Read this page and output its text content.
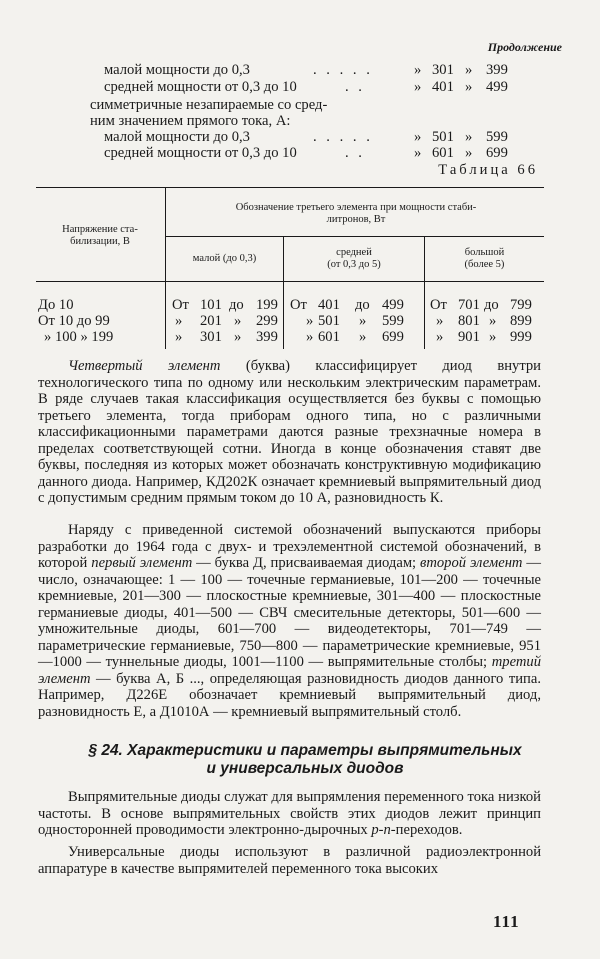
Продолжение
малой мощности до 0,3	. . . . .	» 301 » 399
средней мощности от 0,3 до 10	. .	» 401 » 499
симметричные незапираемые со сред-
ним значением прямого тока, А:
малой мощности до 0,3	. . . . .	» 501 » 599
средней мощности от 0,3 до 10	. .	» 601 » 699
Таблица 66
Напряжение ста-
билизации, В
Обозначение третьего элемента при мощности стаби-
литронов, Вт
малой (до 0,3)
средней
(от 0,3 до 5)
большой
(более 5)
До 10	От 101 до 199 От 401 до 499 От 701 до 799
От 10 до 99	» 201 » 299 » 501 » 599 » 801 » 899
» 100 » 199	» 301 » 399 » 601 » 699 » 901 » 999

Четвертый элемент (буква) классифицирует диод внутри технологического типа по одному или нескольким электрическим параметрам. В ряде случаев такая классификация осуществляется без буквы с помощью третьего элемента, тогда приборам одного типа, но с различными классификационными параметрами даются разные трехзначные номера в пределах соответствующей сотни. Иногда в конце обозначения ставят две буквы, последняя из которых может обозначать конструктивную модификацию данного диода. Например, КД202К означает кремниевый выпрямительный диод с допустимым средним прямым током до 10 А, разновидность К.

Наряду с приведенной системой обозначений выпускаются приборы разработки до 1964 года с двух- и трехэлементной системой обозначений, в которой первый элемент — буква Д, присваиваемая диодам; второй элемент — число, означающее: 1 — 100 — точечные германиевые, 101—200 — точечные кремниевые, 201—300 — плоскостные кремниевые, 301—400 — плоскостные германиевые диоды, 401—500 — СВЧ смесительные детекторы, 501—600 — умножительные диоды, 601—700 — видеодетекторы, 701—749 — параметрические германиевые, 750—800 — параметрические кремниевые, 951—1000 — туннельные диоды, 1001—1100 — выпрямительные столбы; третий элемент — буква А, Б ..., определяющая разновидность диодов данного типа. Например, Д226Е обозначает кремниевый выпрямительный диод, разновидность Е, а Д1010А — кремниевый выпрямительный столб.

§ 24. Характеристики и параметры выпрямительных
и универсальных диодов

Выпрямительные диоды служат для выпрямления переменного тока низкой частоты. В основе выпрямительных свойств этих диодов лежит принцип односторонней проводимости электронно-дырочных p-n-переходов.

Универсальные диоды используют в различной радиоэлектронной аппаратуре в качестве выпрямителей переменного тока высоких

111
